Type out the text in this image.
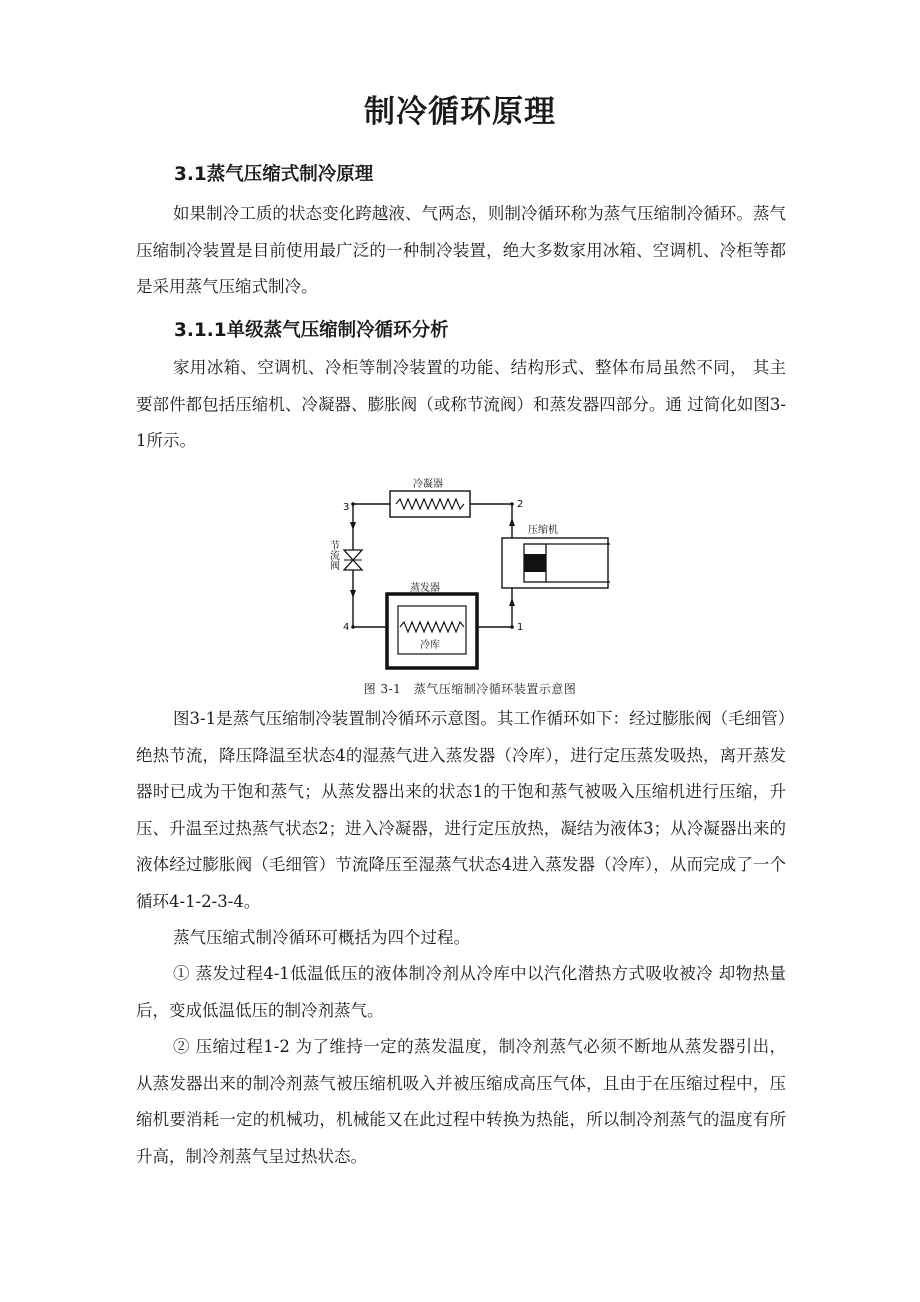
制冷循环原理

3.1蒸气压缩式制冷原理

如果制冷工质的状态变化跨越液、气两态，则制冷循环称为蒸气压缩制冷循环。蒸气压缩制冷装置是目前使用最广泛的一种制冷装置，绝大多数家用冰箱、空调机、冷柜等都是采用蒸气压缩式制冷。

3.1.1单级蒸气压缩制冷循环分析

家用冰箱、空调机、冷柜等制冷装置的功能、结构形式、整体布局虽然不同， 其主要部件都包括压缩机、冷凝器、膨胀阀（或称节流阀）和蒸发器四部分。通 过简化如图3-1所示。

冷凝器
3	2
4	1
节流阀
蒸发器
冷库
压缩机
图 3-1　蒸气压缩制冷循环装置示意图

图3-1是蒸气压缩制冷装置制冷循环示意图。其工作循环如下：经过膨胀阀（毛细管）绝热节流，降压降温至状态4的湿蒸气进入蒸发器（冷库），进行定压蒸发吸热，离开蒸发器时已成为干饱和蒸气；从蒸发器出来的状态1的干饱和蒸气被吸入压缩机进行压缩，升压、升温至过热蒸气状态2；进入冷凝器，进行定压放热，凝结为液体3；从冷凝器出来的液体经过膨胀阀（毛细管）节流降压至湿蒸气状态4进入蒸发器（冷库），从而完成了一个循环4-1-2-3-4。

蒸气压缩式制冷循环可概括为四个过程。

① 蒸发过程4-1低温低压的液体制冷剂从冷库中以汽化潜热方式吸收被冷 却物热量后，变成低温低压的制冷剂蒸气。

② 压缩过程1-2 为了维持一定的蒸发温度，制冷剂蒸气必须不断地从蒸发器引出，从蒸发器出来的制冷剂蒸气被压缩机吸入并被压缩成高压气体，且由于在压缩过程中，压缩机要消耗一定的机械功，机械能又在此过程中转换为热能，所以制冷剂蒸气的温度有所升高，制冷剂蒸气呈过热状态。
